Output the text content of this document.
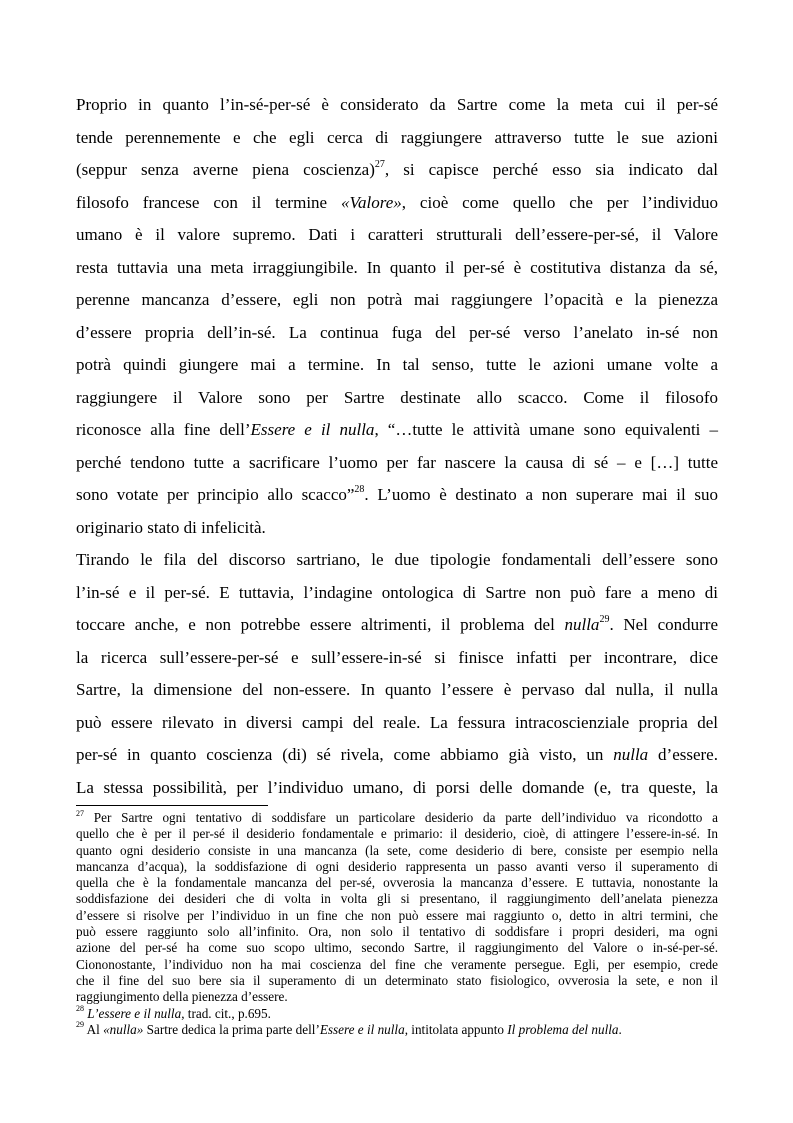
Proprio in quanto l’in-sé-per-sé è considerato da Sartre come la meta cui il per-sé
tende perennemente e che egli cerca di raggiungere attraverso tutte le sue azioni
(seppur senza averne piena coscienza)$^{27}$, si capisce perché esso sia indicato dal
filosofo francese con il termine «Valore», cioè come quello che per l’individuo
umano è il valore supremo. Dati i caratteri strutturali dell’essere-per-sé, il Valore
resta tuttavia una meta irraggiungibile. In quanto il per-sé è costitutiva distanza da sé,
perenne mancanza d’essere, egli non potrà mai raggiungere l’opacità e la pienezza
d’essere propria dell’in-sé. La continua fuga del per-sé verso l’anelato in-sé non
potrà quindi giungere mai a termine. In tal senso, tutte le azioni umane volte a
raggiungere il Valore sono per Sartre destinate allo scacco. Come il filosofo
riconosce alla fine dell’Essere e il nulla, “…tutte le attività umane sono equivalenti –
perché tendono tutte a sacrificare l’uomo per far nascere la causa di sé – e […] tutte
sono votate per principio allo scacco”$^{28}$. L’uomo è destinato a non superare mai il suo
originario stato di infelicità.
Tirando le fila del discorso sartriano, le due tipologie fondamentali dell’essere sono
l’in-sé e il per-sé. E tuttavia, l’indagine ontologica di Sartre non può fare a meno di
toccare anche, e non potrebbe essere altrimenti, il problema del nulla$^{29}$. Nel condurre
la ricerca sull’essere-per-sé e sull’essere-in-sé si finisce infatti per incontrare, dice
Sartre, la dimensione del non-essere. In quanto l’essere è pervaso dal nulla, il nulla
può essere rilevato in diversi campi del reale. La fessura intracoscienziale propria del
per-sé in quanto coscienza (di) sé rivela, come abbiamo già visto, un nulla d’essere.
La stessa possibilità, per l’individuo umano, di porsi delle domande (e, tra queste, la
$^{27}$ Per Sartre ogni tentativo di soddisfare un particolare desiderio da parte dell’individuo va ricondotto a
quello che è per il per-sé il desiderio fondamentale e primario: il desiderio, cioè, di attingere l’essere-in-sé. In
quanto ogni desiderio consiste in una mancanza (la sete, come desiderio di bere, consiste per esempio nella
mancanza d’acqua), la soddisfazione di ogni desiderio rappresenta un passo avanti verso il superamento di
quella che è la fondamentale mancanza del per-sé, ovverosia la mancanza d’essere. E tuttavia, nonostante la
soddisfazione dei desideri che di volta in volta gli si presentano, il raggiungimento dell’anelata pienezza
d’essere si risolve per l’individuo in un fine che non può essere mai raggiunto o, detto in altri termini, che
può essere raggiunto solo all’infinito. Ora, non solo il tentativo di soddisfare i propri desideri, ma ogni
azione del per-sé ha come suo scopo ultimo, secondo Sartre, il raggiungimento del Valore o in-sé-per-sé.
Ciononostante, l’individuo non ha mai coscienza del fine che veramente persegue. Egli, per esempio, crede
che il fine del suo bere sia il superamento di un determinato stato fisiologico, ovverosia la sete, e non il
raggiungimento della pienezza d’essere.
$^{28}$ L’essere e il nulla, trad. cit., p.695.
$^{29}$ Al «nulla» Sartre dedica la prima parte dell’Essere e il nulla, intitolata appunto Il problema del nulla.
